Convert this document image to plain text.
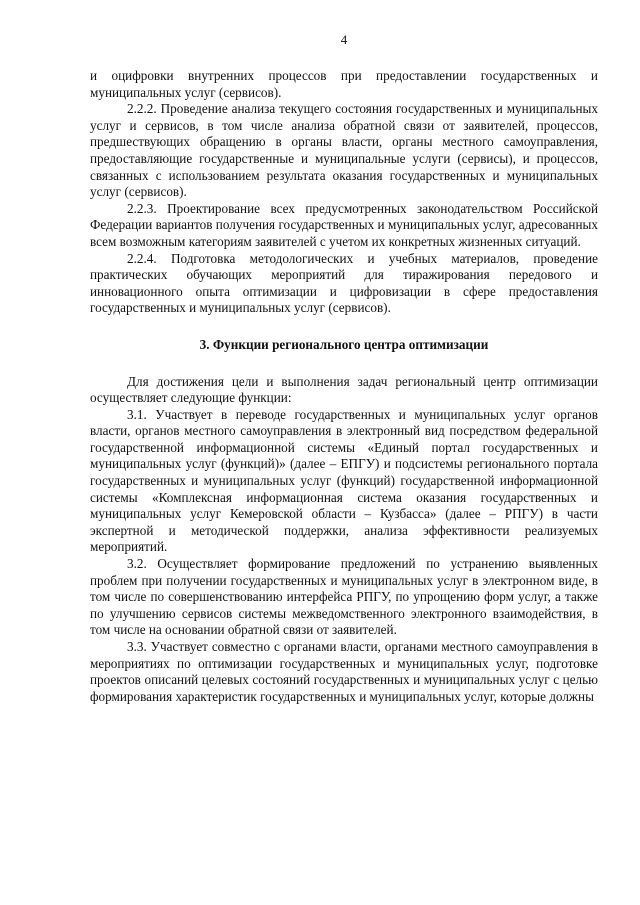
4

и оцифровки внутренних процессов при предоставлении государственных и муниципальных услуг (сервисов).

2.2.2. Проведение анализа текущего состояния государственных и муниципальных услуг и сервисов, в том числе анализа обратной связи от заявителей, процессов, предшествующих обращению в органы власти, органы местного самоуправления, предоставляющие государственные и муниципальные услуги (сервисы), и процессов, связанных с использованием результата оказания государственных и муниципальных услуг (сервисов).

2.2.3. Проектирование всех предусмотренных законодательством Российской Федерации вариантов получения государственных и муниципальных услуг, адресованных всем возможным категориям заявителей с учетом их конкретных жизненных ситуаций.

2.2.4. Подготовка методологических и учебных материалов, проведение практических обучающих мероприятий для тиражирования передового и инновационного опыта оптимизации и цифровизации в сфере предоставления государственных и муниципальных услуг (сервисов).

3. Функции регионального центра оптимизации

Для достижения цели и выполнения задач региональный центр оптимизации осуществляет следующие функции:

3.1. Участвует в переводе государственных и муниципальных услуг органов власти, органов местного самоуправления в электронный вид посредством федеральной государственной информационной системы «Единый портал государственных и муниципальных услуг (функций)» (далее – ЕПГУ) и подсистемы регионального портала государственных и муниципальных услуг (функций) государственной информационной системы «Комплексная информационная система оказания государственных и муниципальных услуг Кемеровской области – Кузбасса» (далее – РПГУ) в части экспертной и методической поддержки, анализа эффективности реализуемых мероприятий.

3.2. Осуществляет формирование предложений по устранению выявленных проблем при получении государственных и муниципальных услуг в электронном виде, в том числе по совершенствованию интерфейса РПГУ, по упрощению форм услуг, а также по улучшению сервисов системы межведомственного электронного взаимодействия, в том числе на основании обратной связи от заявителей.

3.3. Участвует совместно с органами власти, органами местного самоуправления в мероприятиях по оптимизации государственных и муниципальных услуг, подготовке проектов описаний целевых состояний государственных и муниципальных услуг с целью формирования характеристик государственных и муниципальных услуг, которые должны
